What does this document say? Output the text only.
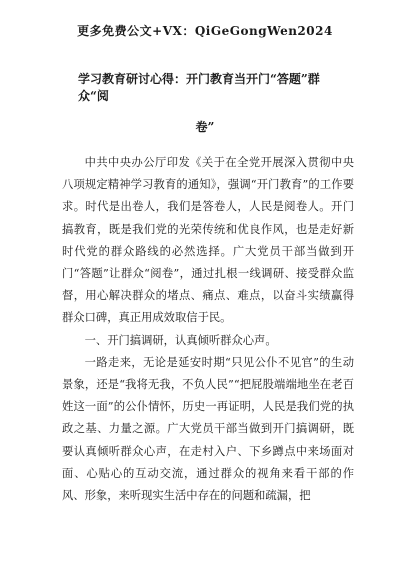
更多免费公文+VX：QiGeGongWen2024
学习教育研讨心得：开门教育当开门“答题”群众“阅
卷”

中共中央办公厅印发《关于在全党开展深入贯彻中央八项规定精神学习教育的通知》，强调“开门教育”的工作要求。时代是出卷人，我们是答卷人，人民是阅卷人。开门搞教育，既是我们党的光荣传统和优良作风，也是走好新时代党的群众路线的必然选择。广大党员干部当做到开门“答题”让群众“阅卷”，通过扎根一线调研、接受群众监督，用心解决群众的堵点、痛点、难点，以奋斗实绩赢得群众口碑，真正用成效取信于民。

一、开门搞调研，认真倾听群众心声。

一路走来，无论是延安时期“只见公仆不见官”的生动景象，还是“我将无我，不负人民”“把屁股端端地坐在老百姓这一面”的公仆情怀，历史一再证明，人民是我们党的执政之基、力量之源。广大党员干部当做到开门搞调研，既要认真倾听群众心声，在走村入户、下乡蹲点中来场面对面、心贴心的互动交流，通过群众的视角来看干部的作风、形象，来听现实生活中存在的问题和疏漏，把
